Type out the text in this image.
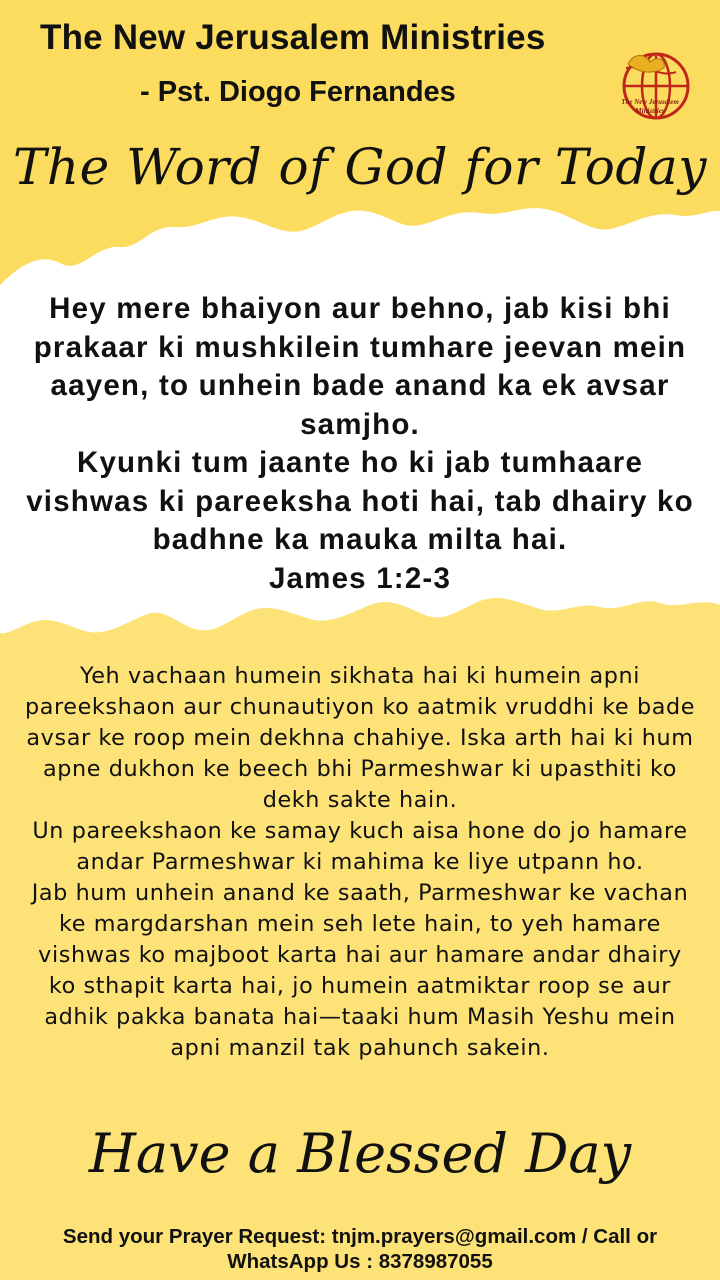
The New Jerusalem Ministries
- Pst. Diogo Fernandes	The New Jerusalem
Ministries
The Word of God for Today
Hey mere bhaiyon aur behno, jab kisi bhi prakaar ki mushkilein tumhare jeevan mein aayen, to unhein bade anand ka ek avsar samjho.
Kyunki tum jaante ho ki jab tumhaare vishwas ki pareeksha hoti hai, tab dhairy ko badhne ka mauka milta hai.
James 1:2-3
Yeh vachaan humein sikhata hai ki humein apni pareekshaon aur chunautiyon ko aatmik vruddhi ke bade avsar ke roop mein dekhna chahiye. Iska arth hai ki hum apne dukhon ke beech bhi Parmeshwar ki upasthiti ko dekh sakte hain.
Un pareekshaon ke samay kuch aisa hone do jo hamare andar Parmeshwar ki mahima ke liye utpann ho.
Jab hum unhein anand ke saath, Parmeshwar ke vachan ke margdarshan mein seh lete hain, to yeh hamare vishwas ko majboot karta hai aur hamare andar dhairy ko sthapit karta hai, jo humein aatmiktar roop se aur adhik pakka banata hai—taaki hum Masih Yeshu mein apni manzil tak pahunch sakein.
Have a Blessed Day
Send your Prayer Request: tnjm.prayers@gmail.com / Call or WhatsApp Us : 8378987055
